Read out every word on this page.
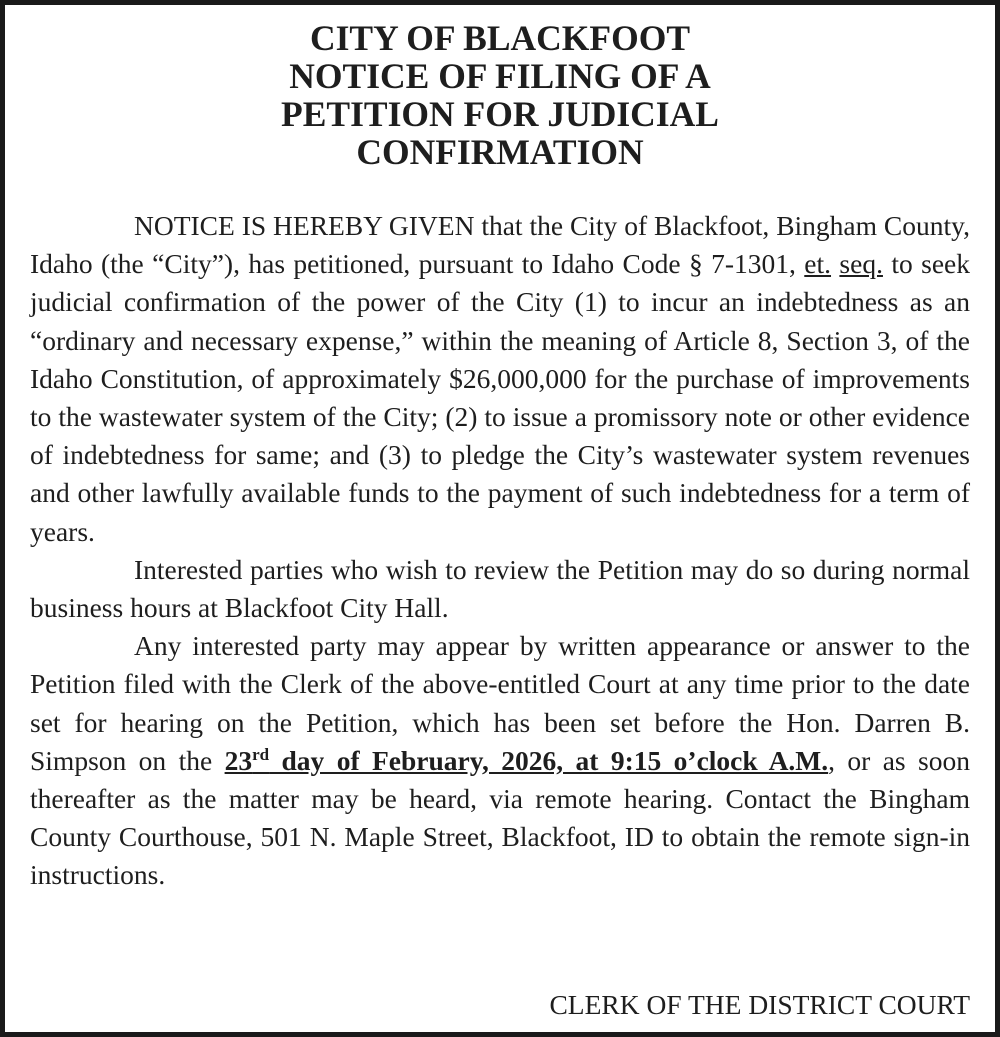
CITY OF BLACKFOOT
NOTICE OF FILING OF A
PETITION FOR JUDICIAL
CONFIRMATION

NOTICE IS HEREBY GIVEN that the City of Blackfoot, Bingham County, Idaho (the “City”), has petitioned, pursuant to Idaho Code § 7-1301, et. seq. to seek judicial confirmation of the power of the City (1) to incur an indebtedness as an “ordinary and necessary expense,” within the meaning of Article 8, Section 3, of the Idaho Constitution, of approximately $26,000,000 for the purchase of improvements to the wastewater system of the City; (2) to issue a promissory note or other evidence of indebtedness for same; and (3) to pledge the City’s wastewater system revenues and other lawfully available funds to the payment of such indebtedness for a term of years.

Interested parties who wish to review the Petition may do so during normal business hours at Blackfoot City Hall.

Any interested party may appear by written appearance or answer to the Petition filed with the Clerk of the above-entitled Court at any time prior to the date set for hearing on the Petition, which has been set before the Hon. Darren B. Simpson on the 23rd day of February, 2026, at 9:15 o’clock A.M., or as soon thereafter as the matter may be heard, via remote hearing. Contact the Bingham County Courthouse, 501 N. Maple Street, Blackfoot, ID to obtain the remote sign-in instructions.

CLERK OF THE DISTRICT COURT
